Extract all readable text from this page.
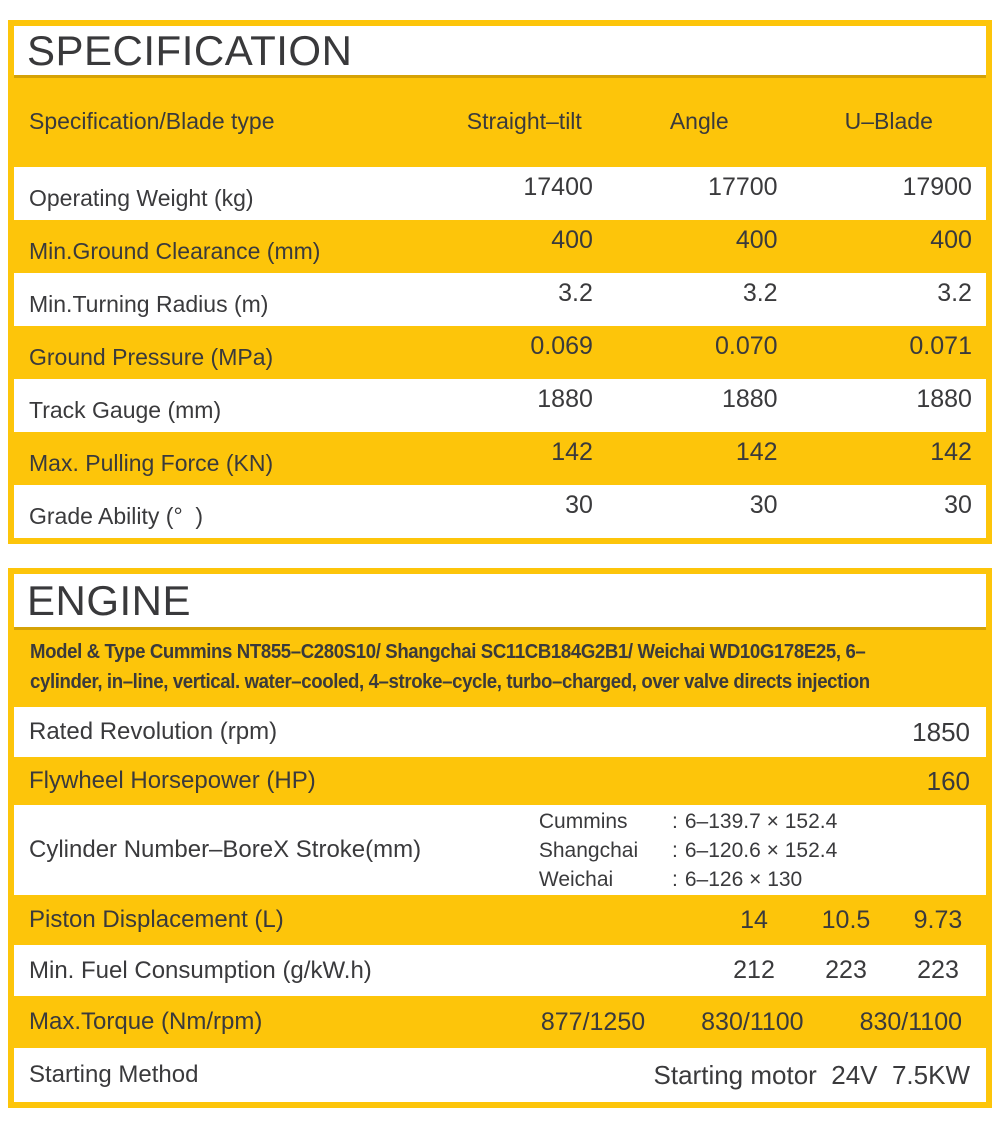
SPECIFICATION
Specification/Blade type	Straight–tilt	Angle	U–Blade
Operating Weight (kg)	17400	17700	17900
Min.Ground Clearance (mm)	400	400	400
Min.Turning Radius (m)	3.2	3.2	3.2
Ground Pressure (MPa)	0.069	0.070	0.071
Track Gauge (mm)	1880	1880	1880
Max. Pulling Force (KN)	142	142	142
Grade Ability (°  )	30	30	30
ENGINE
Model & Type Cummins NT855–C280S10/ Shangchai SC11CB184G2B1/ Weichai WD10G178E25, 6–cylinder, in–line, vertical. water–cooled, 4–stroke–cycle, turbo–charged, over valve directs injection
Rated Revolution (rpm)	1850
Flywheel Horsepower (HP)	160
Cylinder Number–BoreX Stroke(mm)
Cummins	: 6–139.7 × 152.4
Shangchai	: 6–120.6 × 152.4
Weichai	: 6–126 × 130
Piston Displacement (L)	14	10.5	9.73
Min. Fuel Consumption (g/kW.h)	212	223	223
Max.Torque (Nm/rpm)	877/1250 830/1100 830/1100
Starting Method	Starting motor  24V  7.5KW
